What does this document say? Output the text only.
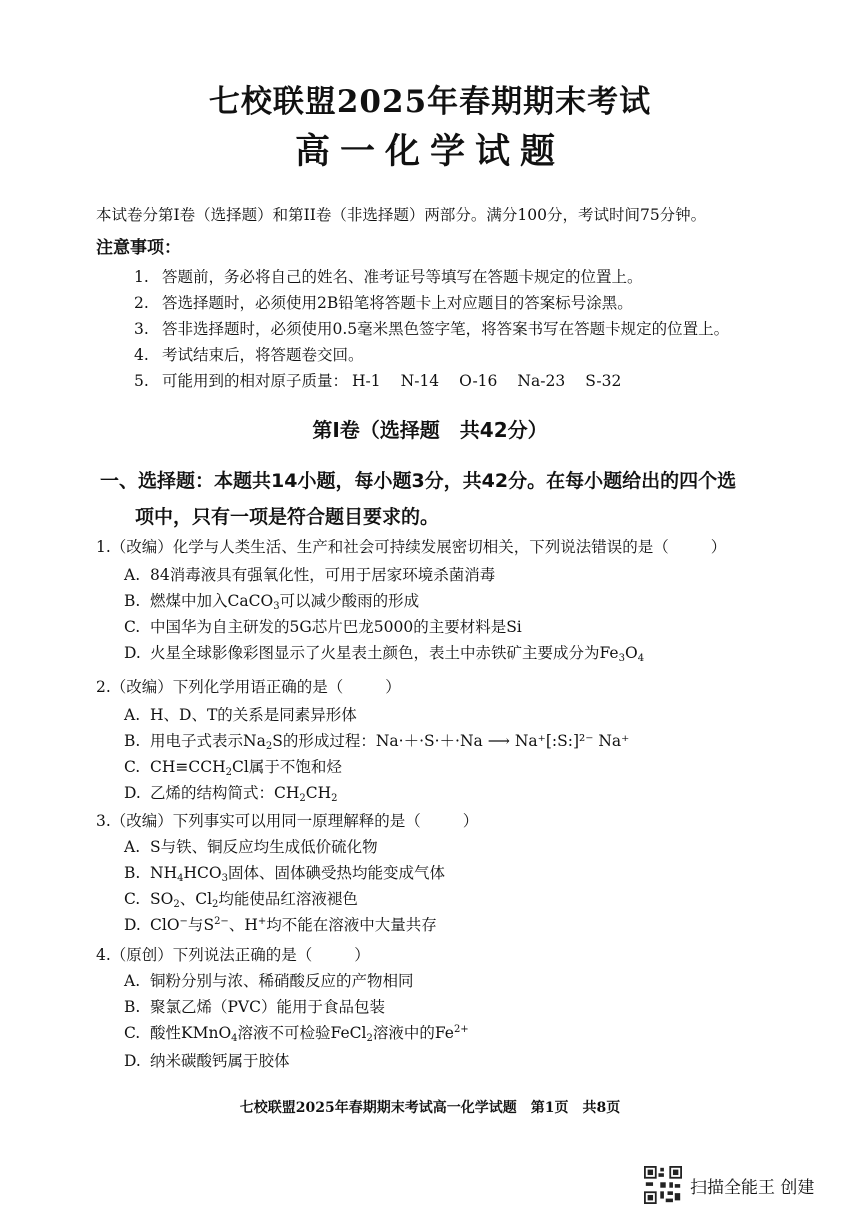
七校联盟2025年春期期末考试
高一化学试题
本试卷分第I卷（选择题）和第II卷（非选择题）两部分。满分100分，考试时间75分钟。
注意事项：
1. 答题前，务必将自己的姓名、准考证号等填写在答题卡规定的位置上。
2. 答选择题时，必须使用2B铅笔将答题卡上对应题目的答案标号涂黑。
3. 答非选择题时，必须使用0.5毫米黑色签字笔，将答案书写在答题卡规定的位置上。
4. 考试结束后，将答题卷交回。
5. 可能用到的相对原子质量： H-1 N-14 O-16 Na-23 S-32
第I卷（选择题　共42分）
一、选择题：本题共14小题，每小题3分，共42分。在每小题给出的四个选
项中，只有一项是符合题目要求的。
1.（改编）化学与人类生活、生产和社会可持续发展密切相关，下列说法错误的是（	）
A. 84消毒液具有强氧化性，可用于居家环境杀菌消毒
B. 燃煤中加入CaCO$_3$可以减少酸雨的形成
C. 中国华为自主研发的5G芯片巴龙5000的主要材料是Si
D. 火星全球影像彩图显示了火星表土颜色，表土中赤铁矿主要成分为$Fe_3O_4$
2.（改编）下列化学用语正确的是（	）
A. H、D、T的关系是同素异形体
B. 用电子式表示$Na_2S$的形成过程：Na·＋·S·＋·Na ⟶ Na⁺[:S:]²⁻ Na⁺
C. $CH\equiv CCH_2Cl$属于不饱和烃
D. 乙烯的结构简式：$CH_2CH_2$
3.（改编）下列事实可以用同一原理解释的是（	）
A. S与铁、铜反应均生成低价硫化物
B. $NH_4HCO_3$固体、固体碘受热均能变成气体
C. $SO_2$、$Cl_2$均能使品红溶液褪色
D. ClO−与$S^{2-}$、H+均不能在溶液中大量共存
4.（原创）下列说法正确的是（	）
A. 铜粉分别与浓、稀硝酸反应的产物相同
B. 聚氯乙烯（PVC）能用于食品包装
C. 酸性KMnO$_4$溶液不可检验FeCl$_2$溶液中的$Fe^{2+}$
D. 纳米碳酸钙属于胶体
七校联盟2025年春期期末考试高一化学试题　第1页　共8页
扫描全能王 创建
